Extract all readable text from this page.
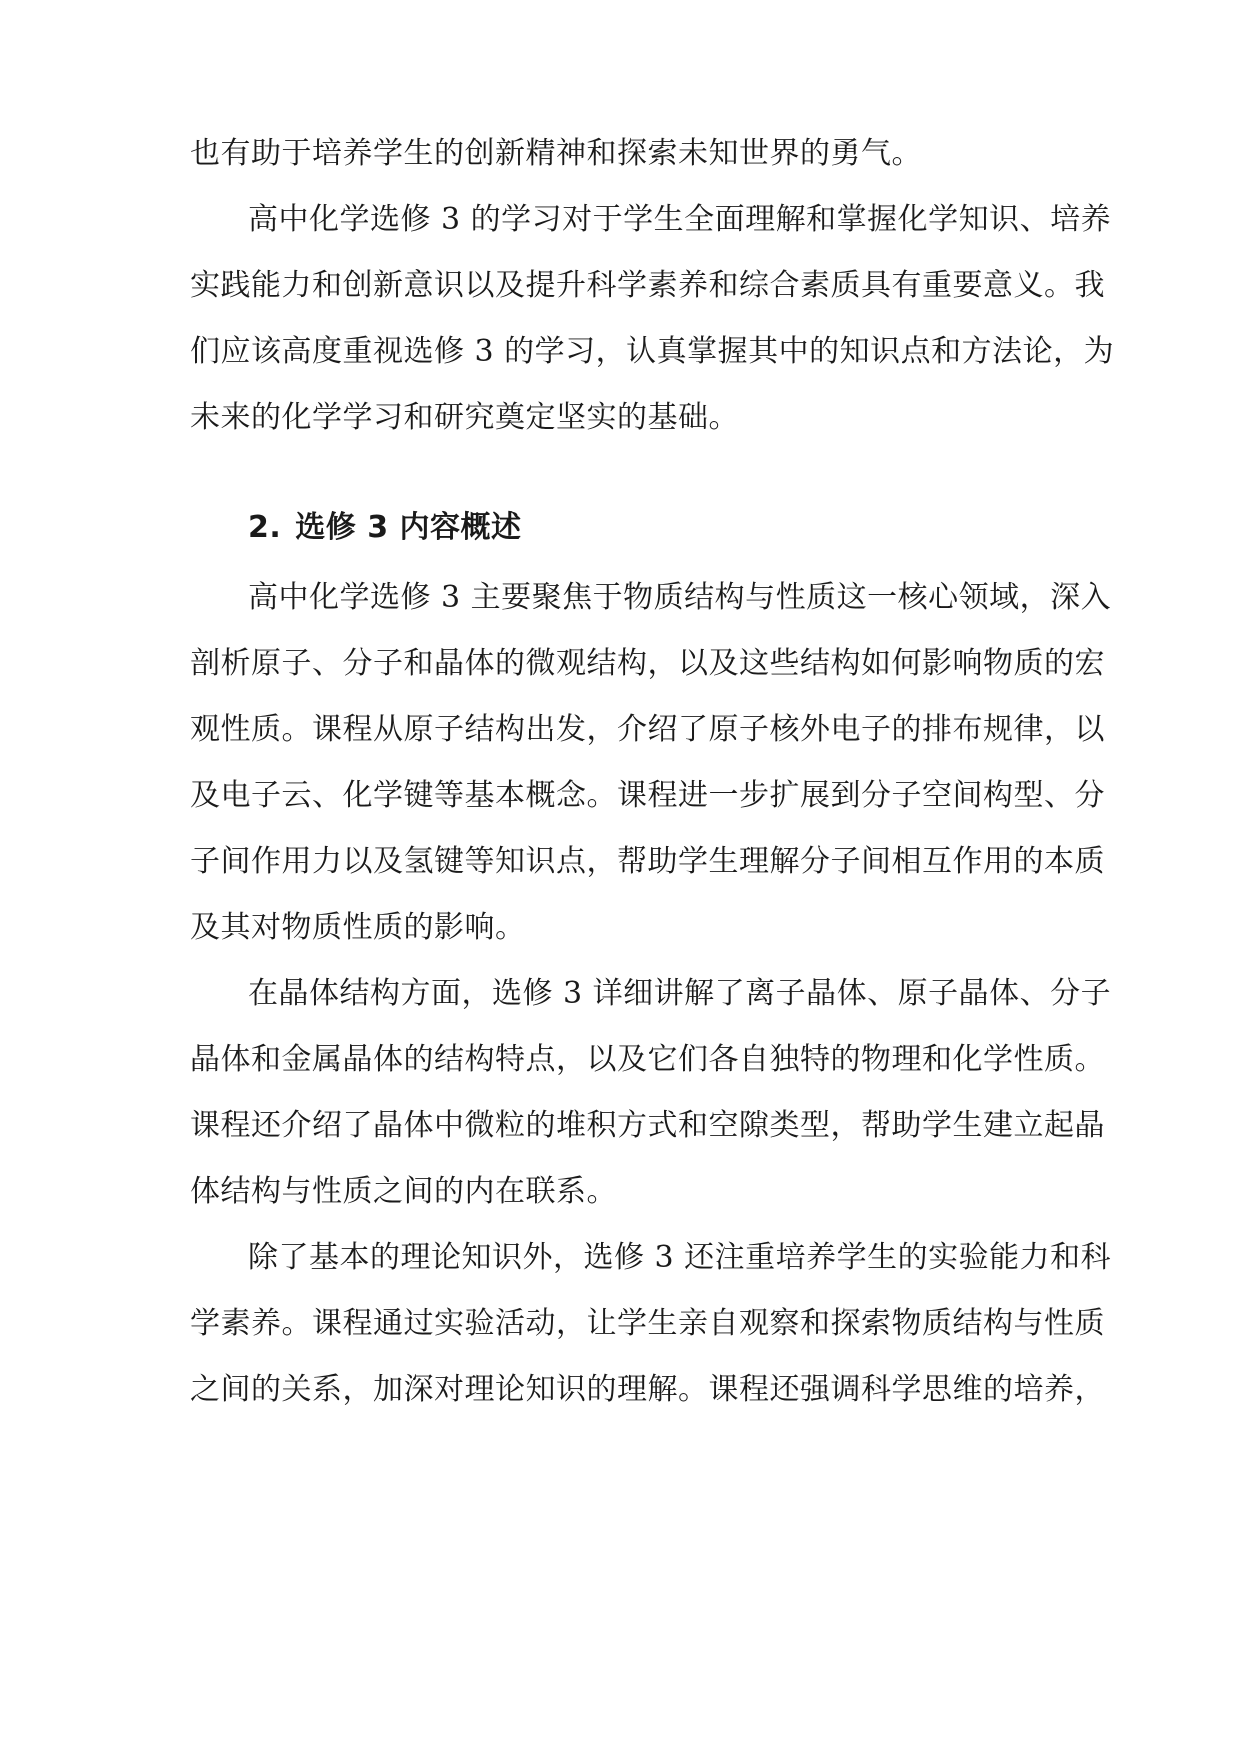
也有助于培养学生的创新精神和探索未知世界的勇气。
高中化学选修 3 的学习对于学生全面理解和掌握化学知识、培养
实践能力和创新意识以及提升科学素养和综合素质具有重要意义。我
们应该高度重视选修 3 的学习，认真掌握其中的知识点和方法论，为
未来的化学学习和研究奠定坚实的基础。
2. 选修 3 内容概述
高中化学选修 3 主要聚焦于物质结构与性质这一核心领域，深入
剖析原子、分子和晶体的微观结构，以及这些结构如何影响物质的宏
观性质。课程从原子结构出发，介绍了原子核外电子的排布规律，以
及电子云、化学键等基本概念。课程进一步扩展到分子空间构型、分
子间作用力以及氢键等知识点，帮助学生理解分子间相互作用的本质
及其对物质性质的影响。
在晶体结构方面，选修 3 详细讲解了离子晶体、原子晶体、分子
晶体和金属晶体的结构特点，以及它们各自独特的物理和化学性质。
课程还介绍了晶体中微粒的堆积方式和空隙类型，帮助学生建立起晶
体结构与性质之间的内在联系。
除了基本的理论知识外，选修 3 还注重培养学生的实验能力和科
学素养。课程通过实验活动，让学生亲自观察和探索物质结构与性质
之间的关系，加深对理论知识的理解。课程还强调科学思维的培养，
